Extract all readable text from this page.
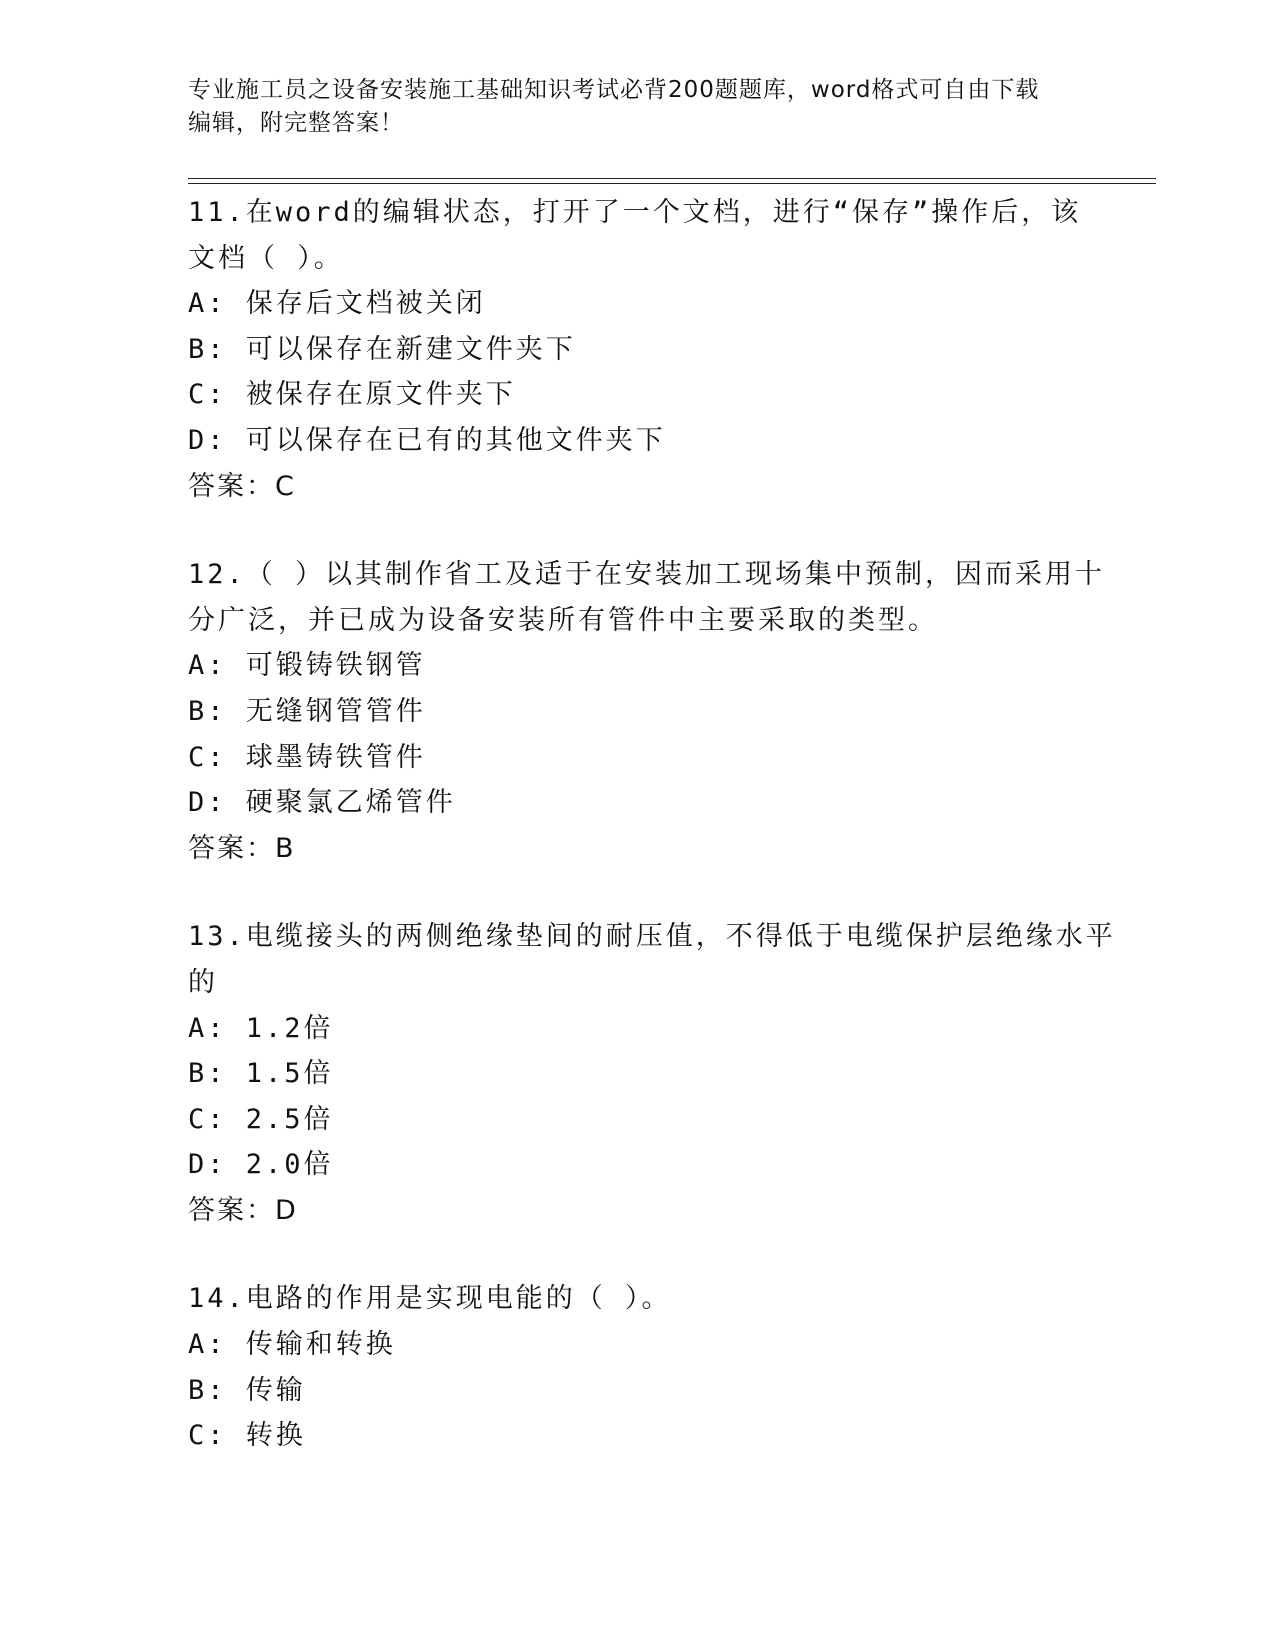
专业施工员之设备安装施工基础知识考试必背200题题库，word格式可自由下载
编辑，附完整答案！
11.在word的编辑状态，打开了一个文档，进行“保存”操作后，该
文档（ ）。
A: 保存后文档被关闭
B: 可以保存在新建文件夹下
C: 被保存在原文件夹下
D: 可以保存在已有的其他文件夹下
答案：C
12.（ ）以其制作省工及适于在安装加工现场集中预制，因而采用十
分广泛，并已成为设备安装所有管件中主要采取的类型。
A: 可锻铸铁钢管
B: 无缝钢管管件
C: 球墨铸铁管件
D: 硬聚氯乙烯管件
答案：B
13.电缆接头的两侧绝缘垫间的耐压值，不得低于电缆保护层绝缘水平
的
A: 1.2倍
B: 1.5倍
C: 2.5倍
D: 2.0倍
答案：D
14.电路的作用是实现电能的（ ）。
A: 传输和转换
B: 传输
C: 转换
